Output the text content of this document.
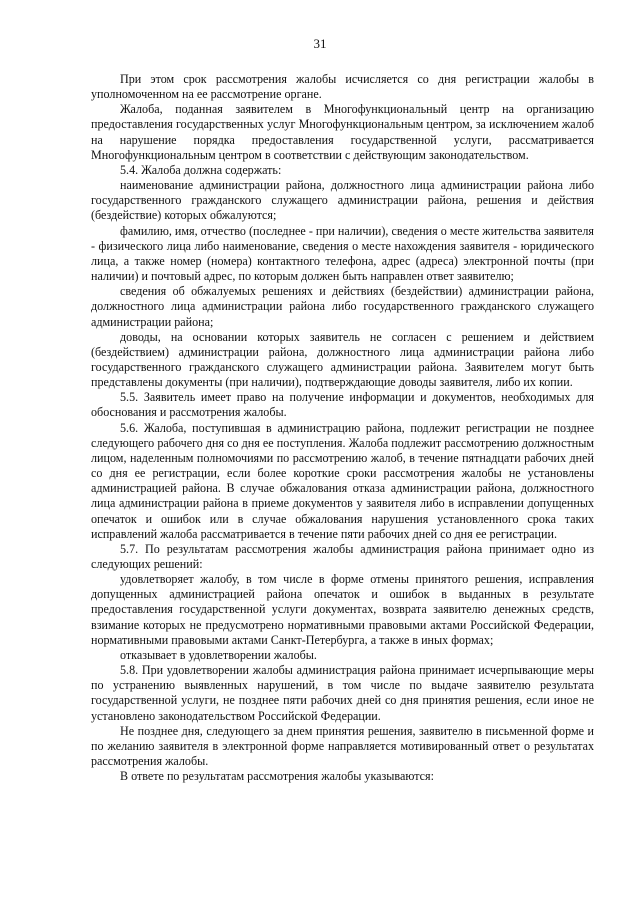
31

При этом срок рассмотрения жалобы исчисляется со дня регистрации жалобы в уполномоченном на ее рассмотрение органе.

Жалоба, поданная заявителем в Многофункциональный центр на организацию предоставления государственных услуг Многофункциональным центром, за исключением жалоб на нарушение порядка предоставления государственной услуги, рассматривается Многофункциональным центром в соответствии с действующим законодательством.

5.4. Жалоба должна содержать:

наименование администрации района, должностного лица администрации района либо государственного гражданского служащего администрации района, решения и действия (бездействие) которых обжалуются;

фамилию, имя, отчество (последнее - при наличии), сведения о месте жительства заявителя - физического лица либо наименование, сведения о месте нахождения заявителя - юридического лица, а также номер (номера) контактного телефона, адрес (адреса) электронной почты (при наличии) и почтовый адрес, по которым должен быть направлен ответ заявителю;

сведения об обжалуемых решениях и действиях (бездействии) администрации района, должностного лица администрации района либо государственного гражданского служащего администрации района;

доводы, на основании которых заявитель не согласен с решением и действием (бездействием) администрации района, должностного лица администрации района либо государственного гражданского служащего администрации района. Заявителем могут быть представлены документы (при наличии), подтверждающие доводы заявителя, либо их копии.

5.5. Заявитель имеет право на получение информации и документов, необходимых для обоснования и рассмотрения жалобы.

5.6. Жалоба, поступившая в администрацию района, подлежит регистрации не позднее следующего рабочего дня со дня ее поступления. Жалоба подлежит рассмотрению должностным лицом, наделенным полномочиями по рассмотрению жалоб, в течение пятнадцати рабочих дней со дня ее регистрации, если более короткие сроки рассмотрения жалобы не установлены администрацией района. В случае обжалования отказа администрации района, должностного лица администрации района в приеме документов у заявителя либо в исправлении допущенных опечаток и ошибок или в случае обжалования нарушения установленного срока таких исправлений жалоба рассматривается в течение пяти рабочих дней со дня ее регистрации.

5.7. По результатам рассмотрения жалобы администрация района принимает одно из следующих решений:

удовлетворяет жалобу, в том числе в форме отмены принятого решения, исправления допущенных администрацией района опечаток и ошибок в выданных в результате предоставления государственной услуги документах, возврата заявителю денежных средств, взимание которых не предусмотрено нормативными правовыми актами Российской Федерации, нормативными правовыми актами Санкт-Петербурга, а также в иных формах;

отказывает в удовлетворении жалобы.

5.8. При удовлетворении жалобы администрация района принимает исчерпывающие меры по устранению выявленных нарушений, в том числе по выдаче заявителю результата государственной услуги, не позднее пяти рабочих дней со дня принятия решения, если иное не установлено законодательством Российской Федерации.

Не позднее дня, следующего за днем принятия решения, заявителю в письменной форме и по желанию заявителя в электронной форме направляется мотивированный ответ о результатах рассмотрения жалобы.

В ответе по результатам рассмотрения жалобы указываются:
